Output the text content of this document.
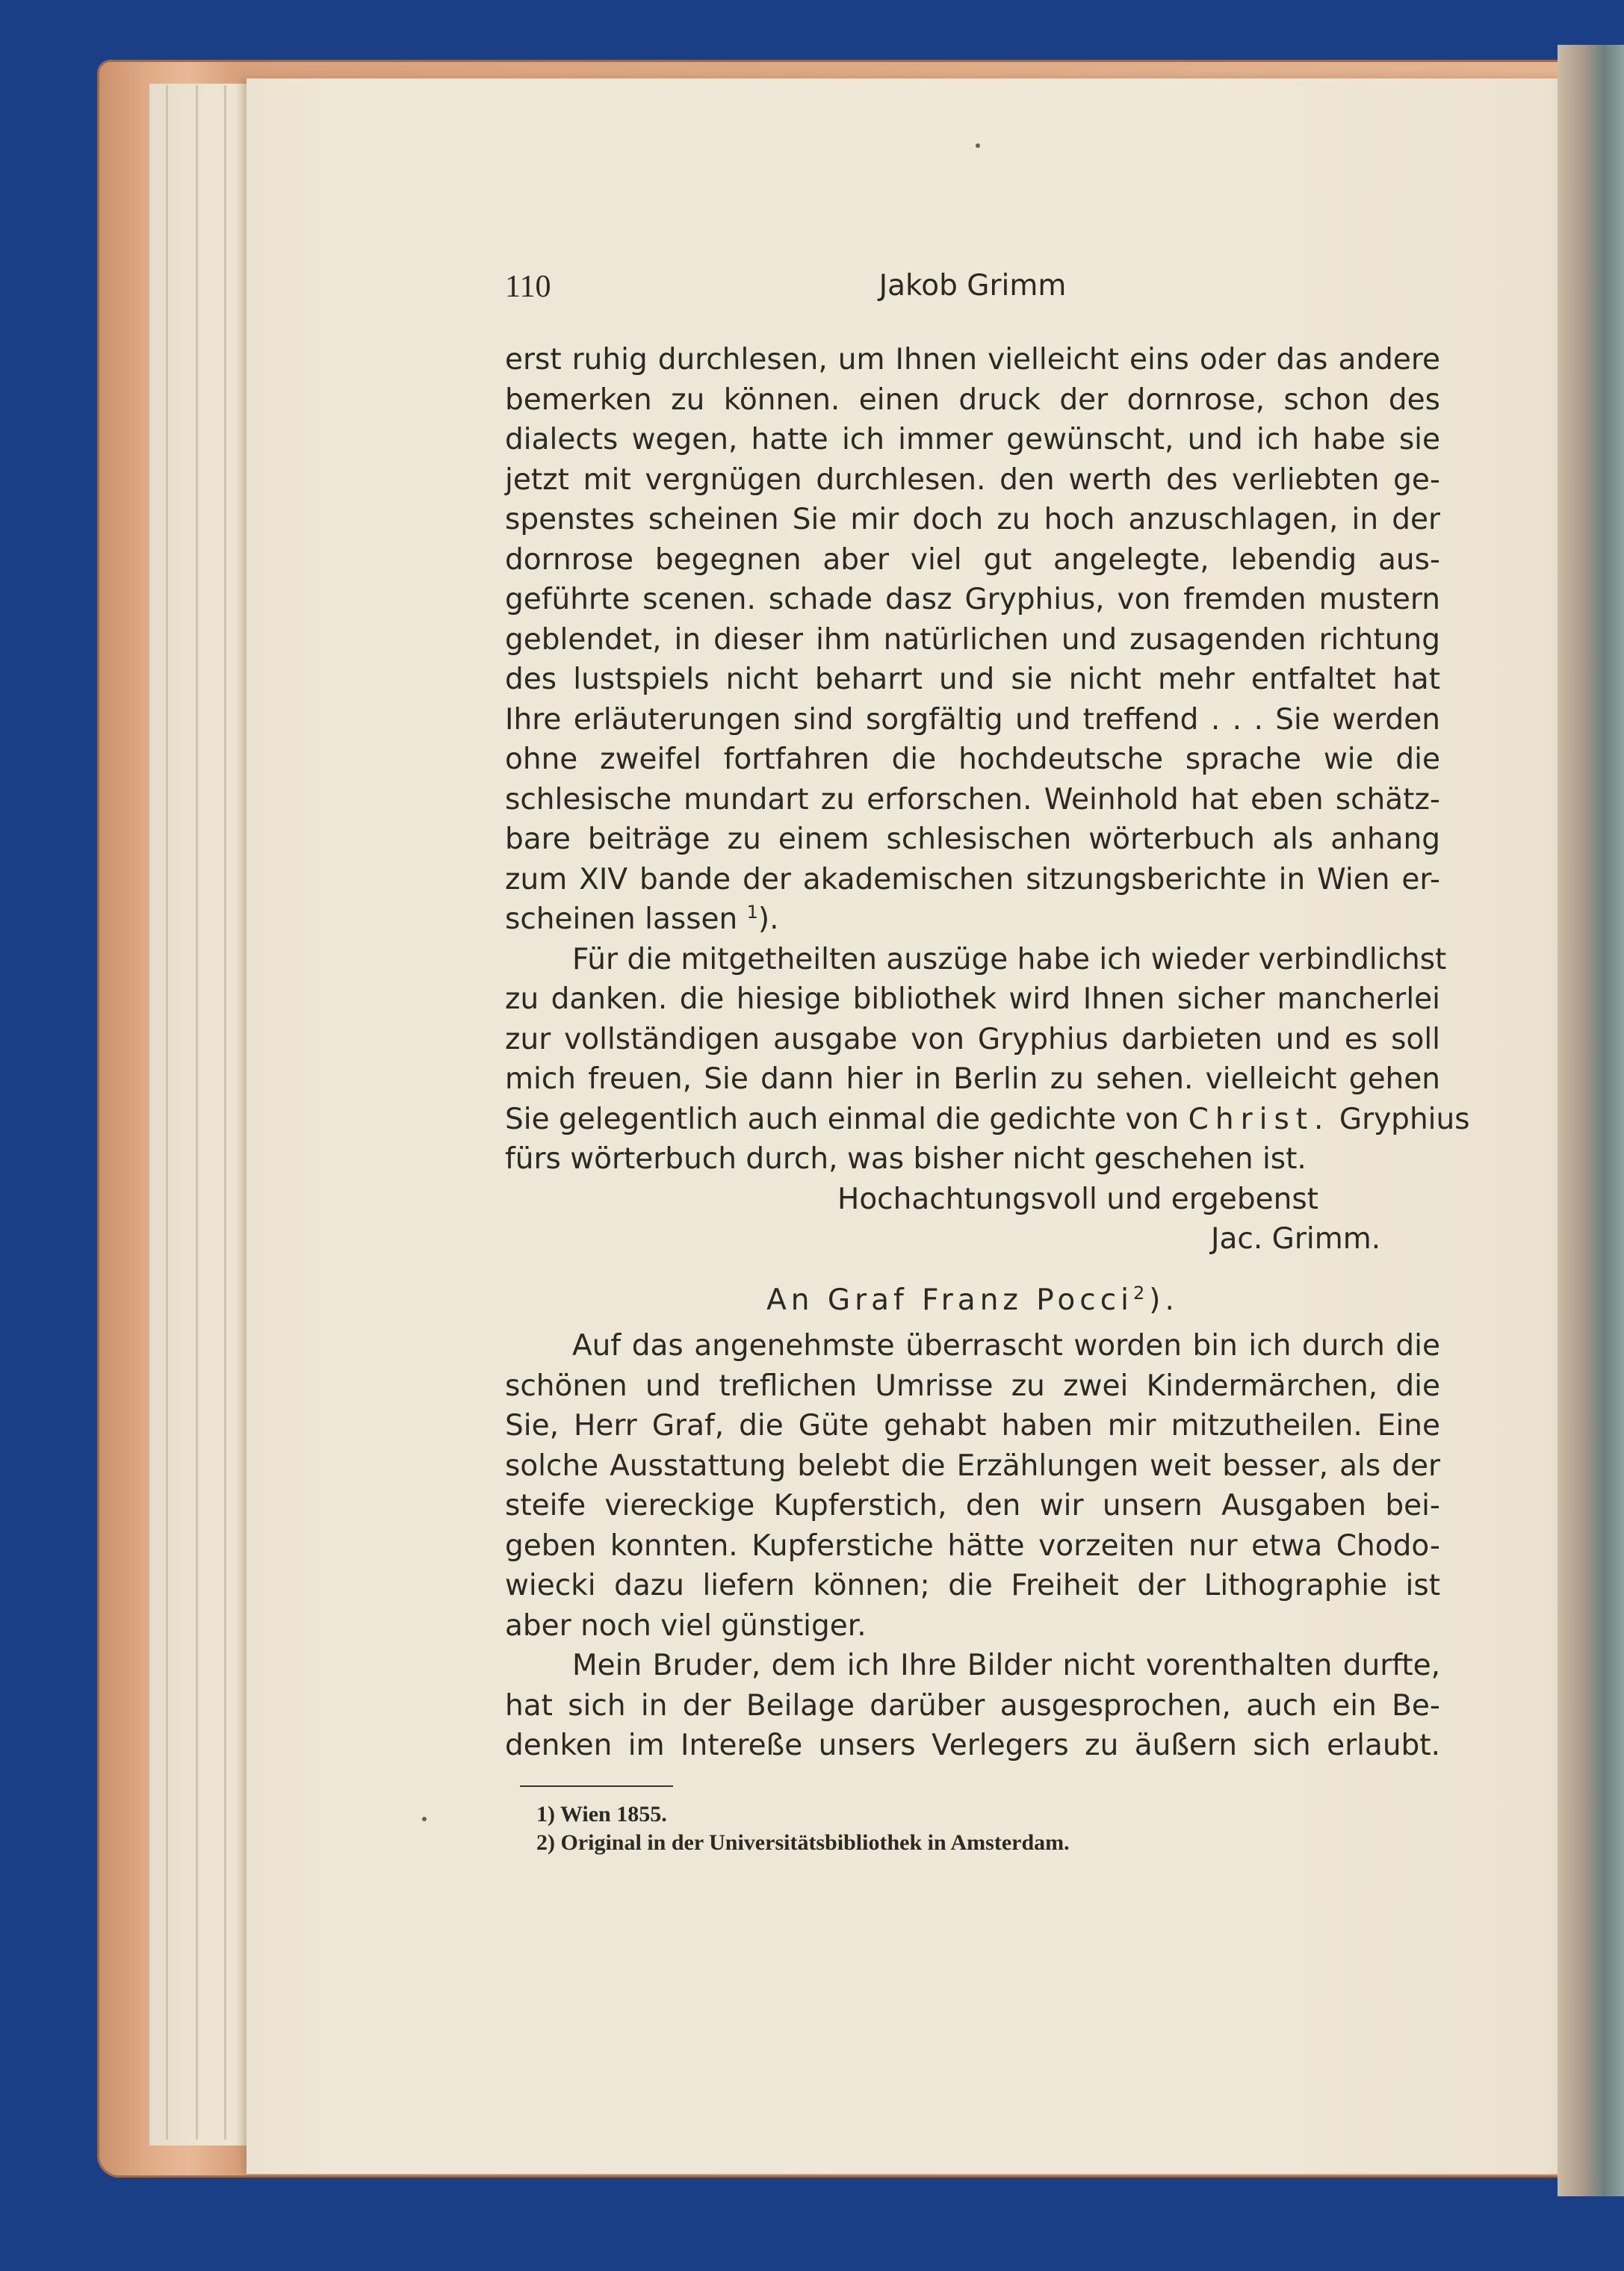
110	Jakob Grimm
erst ruhig durchlesen, um Ihnen vielleicht eins oder das andere
bemerken zu können. einen druck der dornrose, schon des
dialects wegen, hatte ich immer gewünscht, und ich habe sie
jetzt mit vergnügen durchlesen. den werth des verliebten ge-
spenstes scheinen Sie mir doch zu hoch anzuschlagen, in der
dornrose begegnen aber viel gut angelegte, lebendig aus-
geführte scenen. schade dasz Gryphius, von fremden mustern
geblendet, in dieser ihm natürlichen und zusagenden richtung
des lustspiels nicht beharrt und sie nicht mehr entfaltet hat
Ihre erläuterungen sind sorgfältig und treffend . . . Sie werden
ohne zweifel fortfahren die hochdeutsche sprache wie die
schlesische mundart zu erforschen. Weinhold hat eben schätz-
bare beiträge zu einem schlesischen wörterbuch als anhang
zum XIV bande der akademischen sitzungsberichte in Wien er-
scheinen lassen $^1$).
Für die mitgetheilten auszüge habe ich wieder verbindlichst
zu danken. die hiesige bibliothek wird Ihnen sicher mancherlei
zur vollständigen ausgabe von Gryphius darbieten und es soll
mich freuen, Sie dann hier in Berlin zu sehen. vielleicht gehen
Sie gelegentlich auch einmal die gedichte von Christ. Gryphius
fürs wörterbuch durch, was bisher nicht geschehen ist.
Hochachtungsvoll und ergebenst
Jac. Grimm.
An Graf Franz Pocci$^2$).
Auf das angenehmste überrascht worden bin ich durch die
schönen und treflichen Umrisse zu zwei Kindermärchen, die
Sie, Herr Graf, die Güte gehabt haben mir mitzutheilen. Eine
solche Ausstattung belebt die Erzählungen weit besser, als der
steife viereckige Kupferstich, den wir unsern Ausgaben bei-
geben konnten. Kupferstiche hätte vorzeiten nur etwa Chodo-
wiecki dazu liefern können; die Freiheit der Lithographie ist
aber noch viel günstiger.
Mein Bruder, dem ich Ihre Bilder nicht vorenthalten durfte,
hat sich in der Beilage darüber ausgesprochen, auch ein Be-
denken im Intereße unsers Verlegers zu äußern sich erlaubt.
1) Wien 1855.
2) Original in der Universitätsbibliothek in Amsterdam.
